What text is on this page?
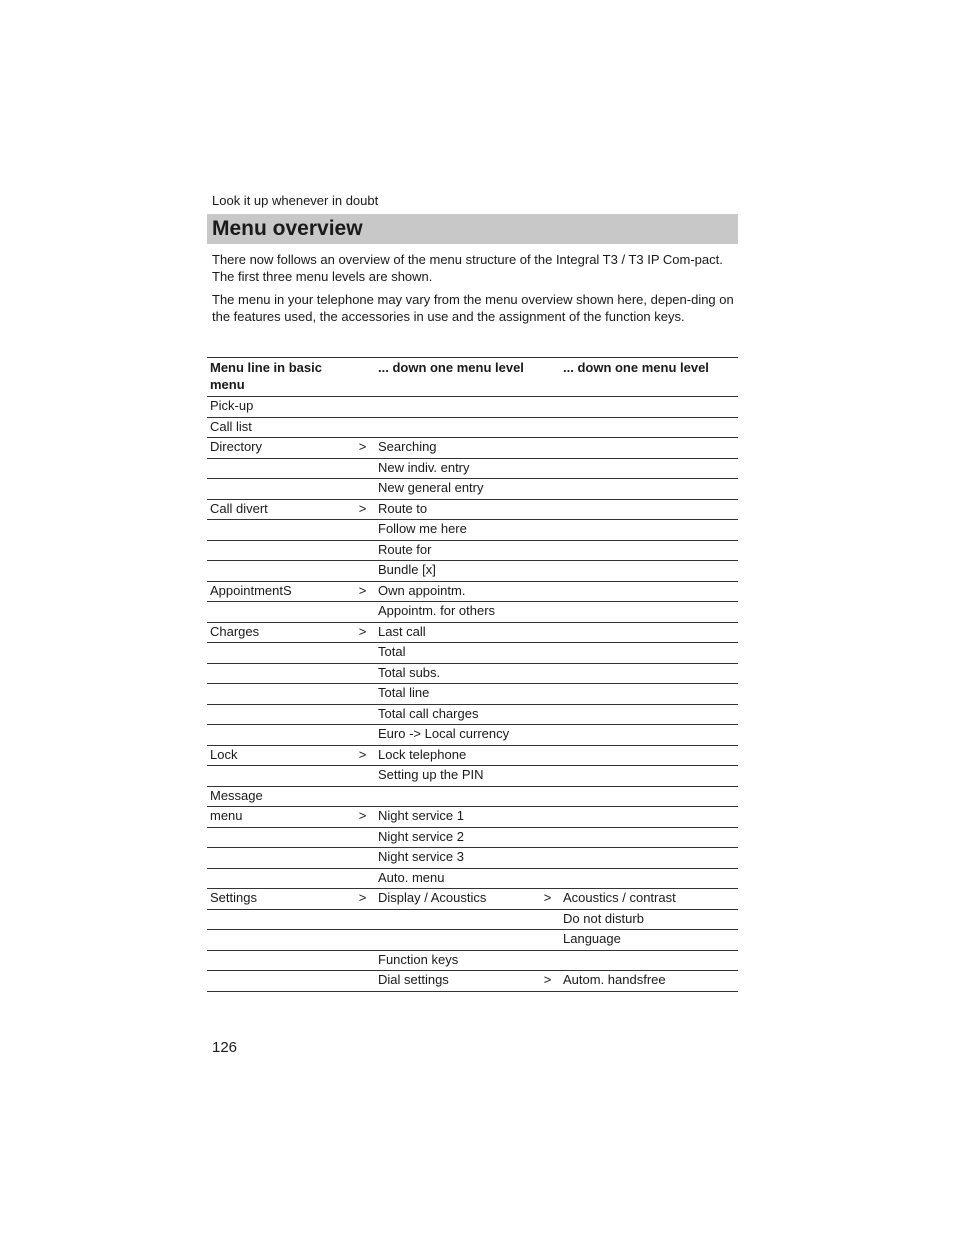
Look it up whenever in doubt
Menu overview

There now follows an overview of the menu structure of the Integral T3 / T3 IP Com-pact. The first three menu levels are shown.

The menu in your telephone may vary from the menu overview shown here, depen-ding on the features used, the accessories in use and the assignment of the function keys.

Menu line in basic menu		... down one menu level		... down one menu level
Pick-up				
Call list				
Directory	>	Searching		
		New indiv. entry		
		New general entry		
Call divert	>	Route to		
		Follow me here		
		Route for		
		Bundle [x]		
AppointmentS	>	Own appointm.		
		Appointm. for others		
Charges	>	Last call		
		Total		
		Total subs.		
		Total line		
		Total call charges		
		Euro -> Local currency		
Lock	>	Lock telephone		
		Setting up the PIN		
Message				
menu	>	Night service 1		
		Night service 2		
		Night service 3		
		Auto. menu		
Settings	>	Display / Acoustics	>	Acoustics / contrast
				Do not disturb
				Language
		Function keys		
		Dial settings	>	Autom. handsfree
126
